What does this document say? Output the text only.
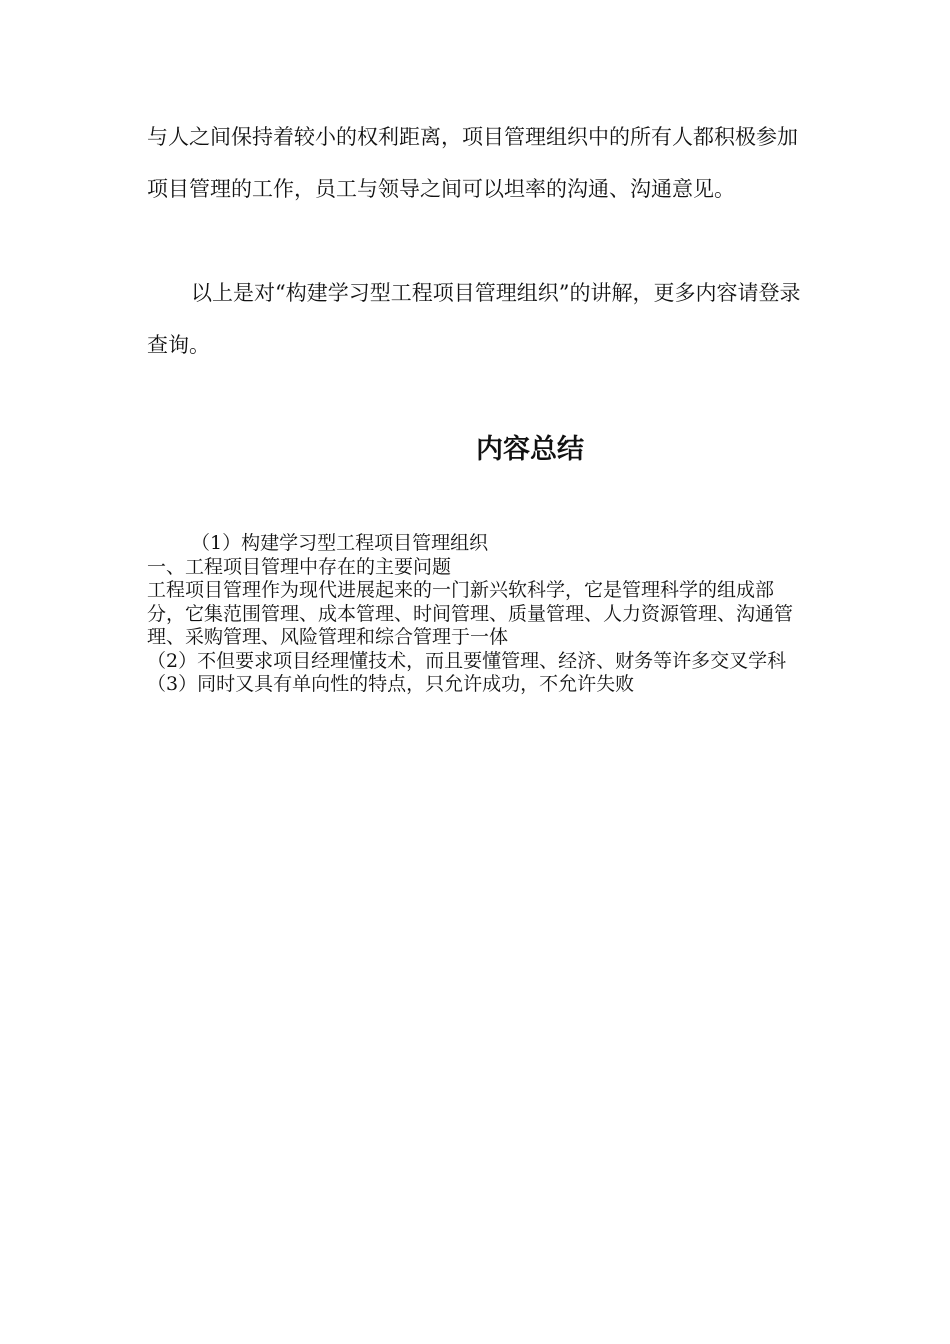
与人之间保持着较小的权利距离，项目管理组织中的所有人都积极参加项目管理的工作，员工与领导之间可以坦率的沟通、沟通意见。

以上是对“构建学习型工程项目管理组织”的讲解，更多内容请登录查询。

内容总结
（1）构建学习型工程项目管理组织
一、工程项目管理中存在的主要问题
工程项目管理作为现代进展起来的一门新兴软科学，它是管理科学的组成部分，它集范围管理、成本管理、时间管理、质量管理、人力资源管理、沟通管理、采购管理、风险管理和综合管理于一体
（2）不但要求项目经理懂技术，而且要懂管理、经济、财务等许多交叉学科
（3）同时又具有单向性的特点，只允许成功，不允许失败
